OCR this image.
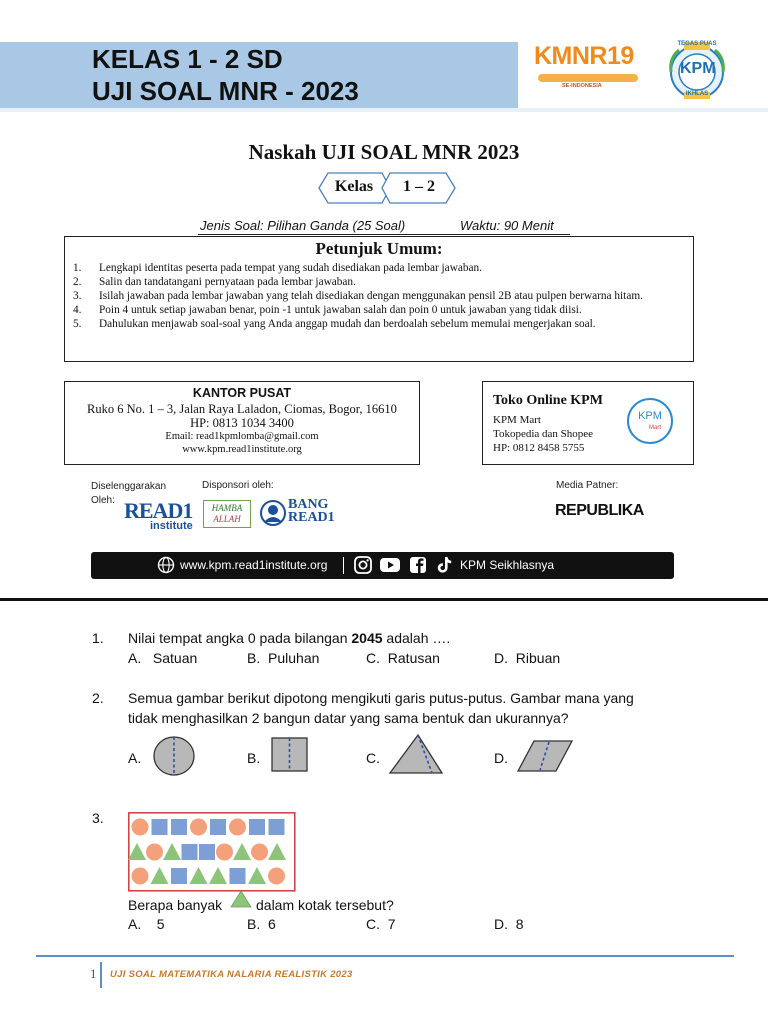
KELAS 1 - 2 SD
UJI SOAL MNR - 2023
KMNR19
SE-INDONESIA
KPM
TEGAS PUAS
IKHLAS
Naskah UJI SOAL MNR 2023
Kelas	1 – 2
Jenis Soal: Pilihan Ganda (25 Soal)	Waktu: 90 Menit
Petunjuk Umum:
1.	Lengkapi identitas peserta pada tempat yang sudah disediakan pada lembar jawaban.
2.	Salin dan tandatangani pernyataan pada lembar jawaban.
3.	Isilah jawaban pada lembar jawaban yang telah disediakan dengan menggunakan pensil 2B atau pulpen berwarna hitam.
4.	Poin 4 untuk setiap jawaban benar, poin -1 untuk jawaban salah dan poin 0 untuk jawaban yang tidak diisi.
5.	Dahulukan menjawab soal-soal yang Anda anggap mudah dan berdoalah sebelum memulai mengerjakan soal.
KANTOR PUSAT
Ruko 6 No. 1 – 3, Jalan Raya Laladon, Ciomas, Bogor, 16610
HP: 0813 1034 3400
Email: read1kpmlomba@gmail.com
www.kpm.read1institute.org
Toko Online KPM
KPM Mart
Tokopedia dan Shopee
HP: 0812 8458 5755
KPM
Mart
Diselenggarakan Oleh: READ1
institute
Disponsori oleh:
HAMBA
ALLAH
BANG
READ1
Media Patner:
REPUBLIKA
www.kpm.read1institute.org	KPM Seikhlasnya
1. Nilai tempat angka 0 pada bilangan 2045 adalah ….
A. Satuan	B. Puluhan	C. Ratusan	D. Ribuan
2. Semua gambar berikut dipotong mengikuti garis putus-putus. Gambar mana yang
tidak menghasilkan 2 bangun datar yang sama bentuk dan ukurannya?
A.	B.	C.	D.
3.
Berapa banyak dalam kotak tersebut?
A. 5	B. 6	C. 7	D. 8
1 UJI SOAL MATEMATIKA NALARIA REALISTIK 2023
